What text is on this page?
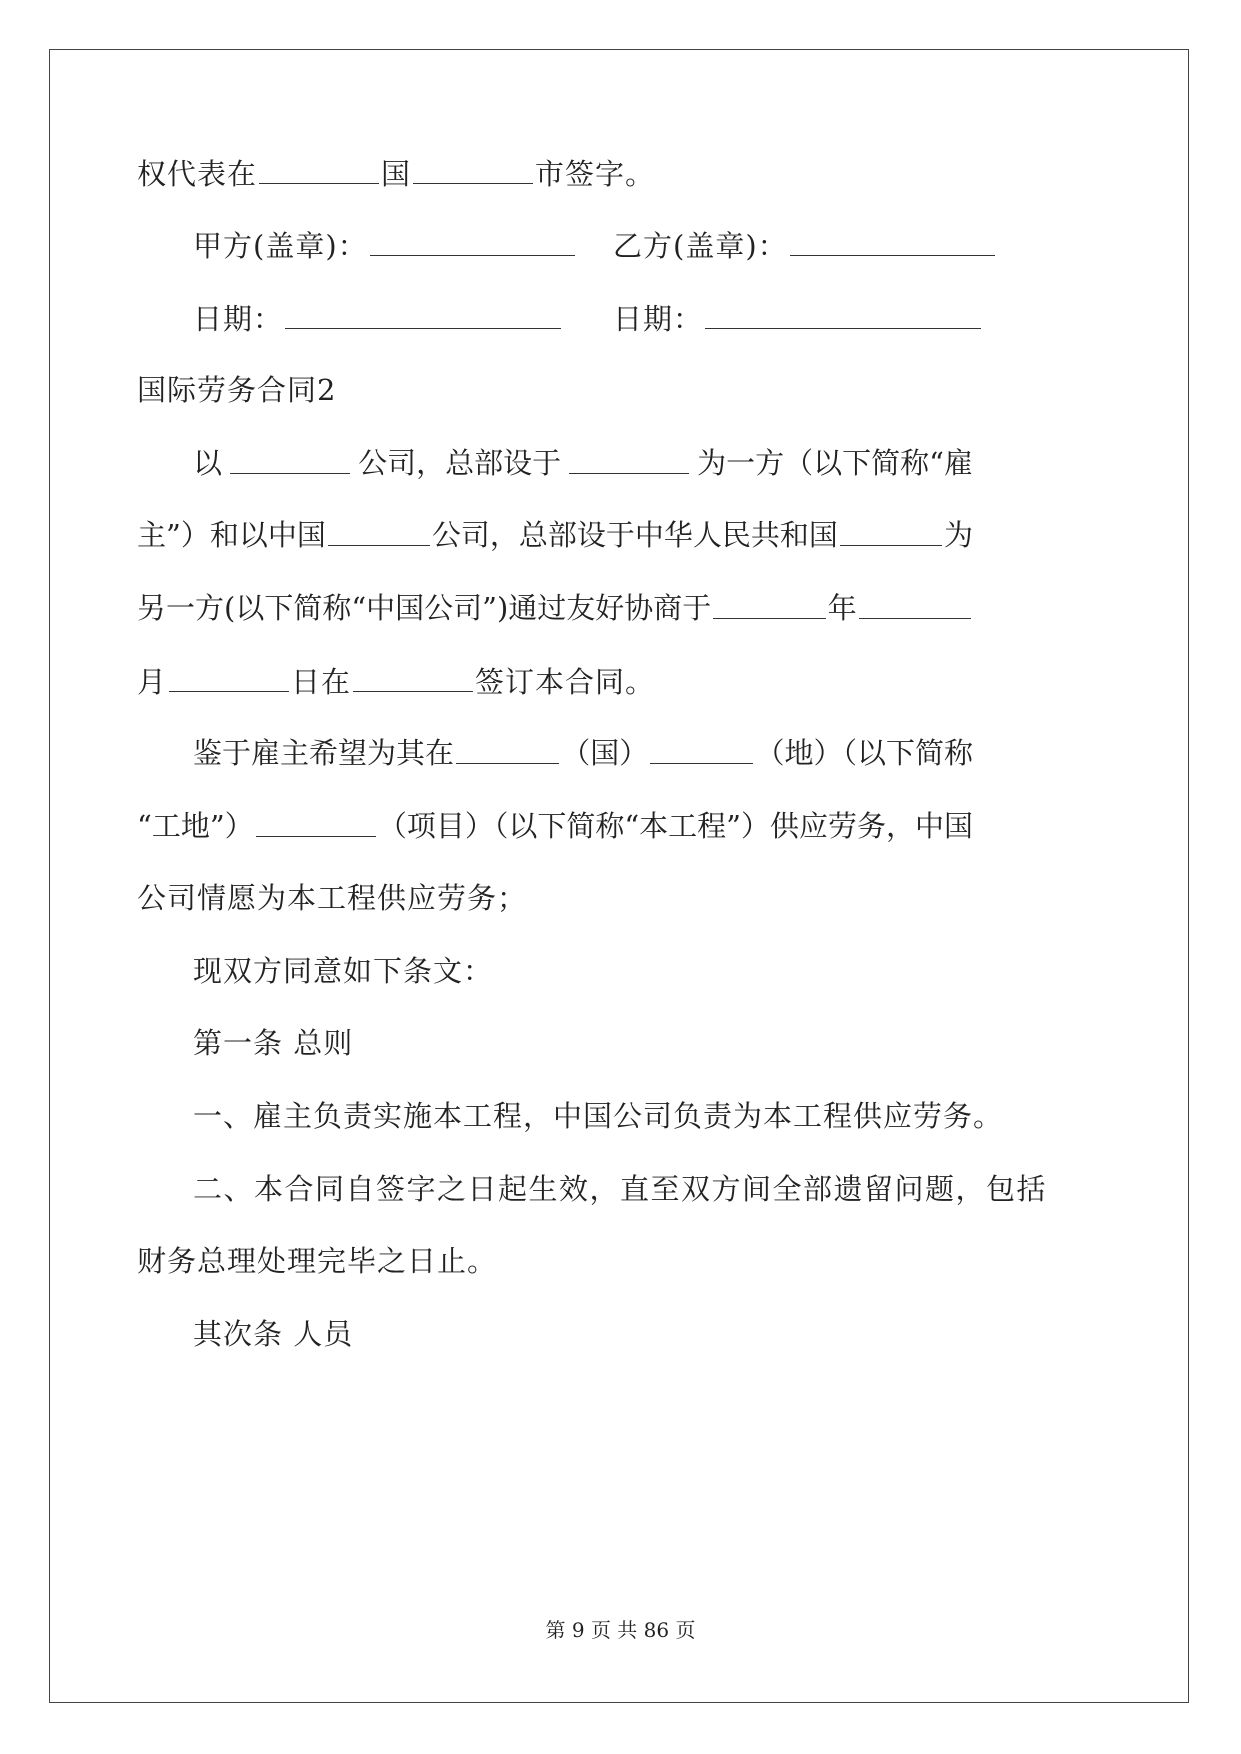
权代表在	国	市签字。
甲方(盖章)：	乙方(盖章)：
日期：	日期：
国际劳务合同2
以	公司，总部设于	为一方（以下简称“雇
主”）和以中国	公司，总部设于中华人民共和国	为
另一方(以下简称“中国公司”)通过友好协商于	年
月	日在	签订本合同。
鉴于雇主希望为其在	（国）	（地）（以下简称
“工地”）	（项目）（以下简称“本工程”）供应劳务，中国
公司情愿为本工程供应劳务；
现双方同意如下条文：
第一条 总则
一、雇主负责实施本工程，中国公司负责为本工程供应劳务。
二、本合同自签字之日起生效，直至双方间全部遗留问题，包括
财务总理处理完毕之日止。
其次条 人员
第 9 页 共 86 页
